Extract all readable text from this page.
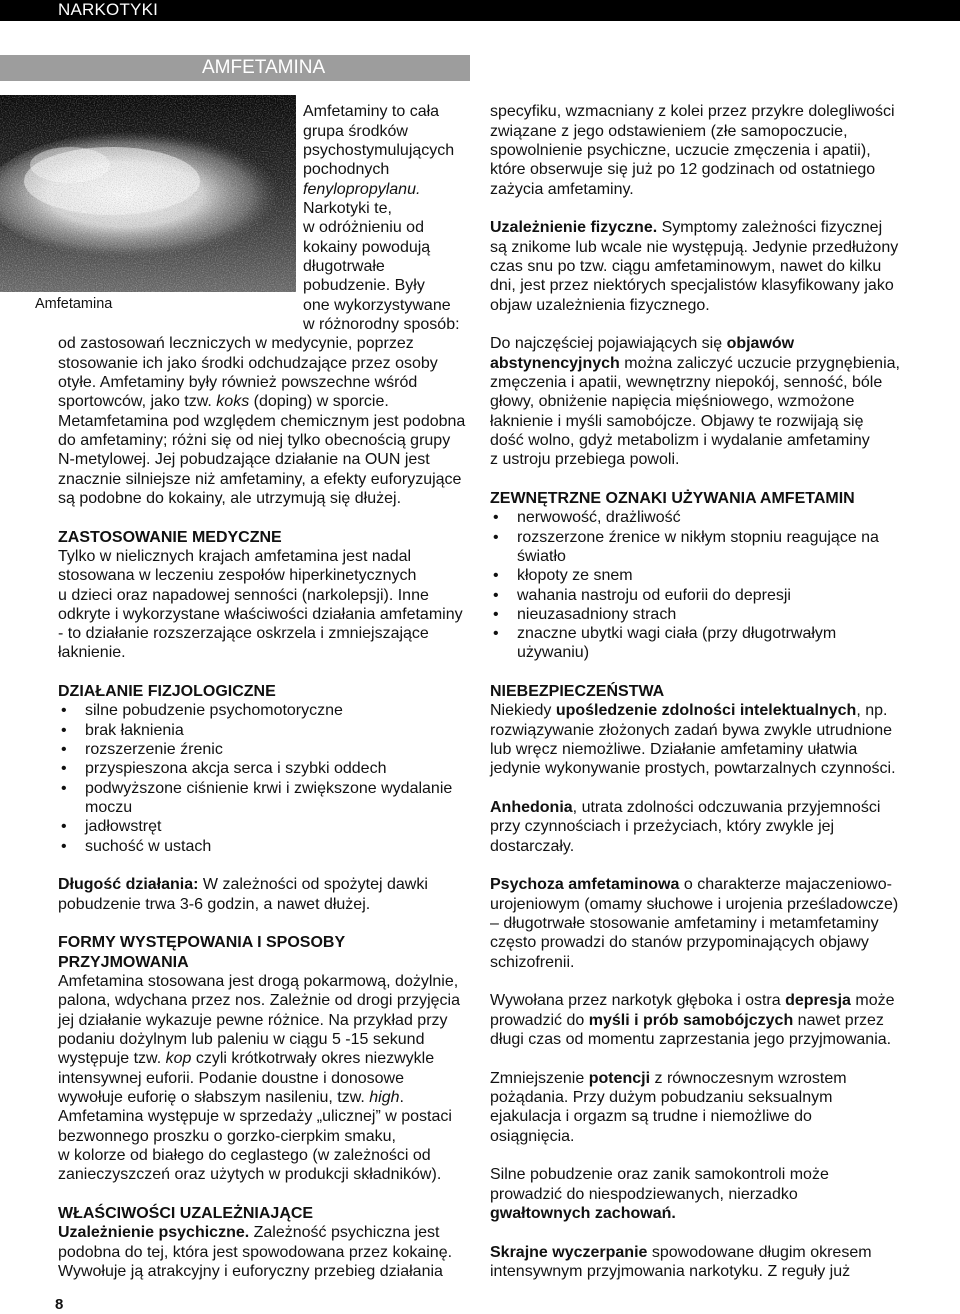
NARKOTYKI
AMFETAMINA
Amfetamina
Amfetaminy to cała
grupa środków
psychostymulujących
pochodnych
fenylopropylanu.
Narkotyki te,
w odróżnieniu od
kokainy powodują
długotrwałe
pobudzenie. Były
one wykorzystywane
w różnorodny sposób:
od zastosowań leczniczych w medycynie, poprzez
stosowanie ich jako środki odchudzające przez osoby
otyłe. Amfetaminy były również powszechne wśród
sportowców, jako tzw. koks (doping) w sporcie.
Metamfetamina pod względem chemicznym jest podobna
do amfetaminy; różni się od niej tylko obecnością grupy
N-metylowej. Jej pobudzające działanie na OUN jest
znacznie silniejsze niż amfetaminy, a efekty euforyzujące
są podobne do kokainy, ale utrzymują się dłużej.
ZASTOSOWANIE MEDYCZNE
Tylko w nielicznych krajach amfetamina jest nadal
stosowana w leczeniu zespołów hiperkinetycznych
u dzieci oraz napadowej senności (narkolepsji). Inne
odkryte i wykorzystane właściwości działania amfetaminy
- to działanie rozszerzające oskrzela i zmniejszające
łaknienie.
DZIAŁANIE FIZJOLOGICZNE
•
silne pobudzenie psychomotoryczne
•
brak łaknienia
•
rozszerzenie źrenic
•
przyspieszona akcja serca i szybki oddech
•
podwyższone ciśnienie krwi i zwiększone wydalanie
moczu
•
jadłowstręt
•
suchość w ustach
Długość działania: W zależności od spożytej dawki
pobudzenie trwa 3-6 godzin, a nawet dłużej.
FORMY WYSTĘPOWANIA I SPOSOBY
PRZYJMOWANIA
Amfetamina stosowana jest drogą pokarmową, dożylnie,
palona, wdychana przez nos. Zależnie od drogi przyjęcia
jej działanie wykazuje pewne różnice. Na przykład przy
podaniu dożylnym lub paleniu w ciągu 5 -15 sekund
występuje tzw. kop czyli krótkotrwały okres niezwykle
intensywnej euforii. Podanie doustne i donosowe
wywołuje euforię o słabszym nasileniu, tzw. high.
Amfetamina występuje w sprzedaży „ulicznej” w postaci
bezwonnego proszku o gorzko-cierpkim smaku,
w kolorze od białego do ceglastego (w zależności od
zanieczyszczeń oraz użytych w produkcji składników).
WŁAŚCIWOŚCI UZALEŻNIAJĄCE
Uzależnienie psychiczne. Zależność psychiczna jest
podobna do tej, która jest spowodowana przez kokainę.
Wywołuje ją atrakcyjny i euforyczny przebieg działania
specyfiku, wzmacniany z kolei przez przykre dolegliwości
związane z jego odstawieniem (złe samopoczucie,
spowolnienie psychiczne, uczucie zmęczenia i apatii),
które obserwuje się już po 12 godzinach od ostatniego
zażycia amfetaminy.
Uzależnienie fizyczne. Symptomy zależności fizycznej
są znikome lub wcale nie występują. Jedynie przedłużony
czas snu po tzw. ciągu amfetaminowym, nawet do kilku
dni, jest przez niektórych specjalistów klasyfikowany jako
objaw uzależnienia fizycznego.
Do najczęściej pojawiających się objawów
abstynencyjnych można zaliczyć uczucie przygnębienia,
zmęczenia i apatii, wewnętrzny niepokój, senność, bóle
głowy, obniżenie napięcia mięśniowego, wzmożone
łaknienie i myśli samobójcze. Objawy te rozwijają się
dość wolno, gdyż metabolizm i wydalanie amfetaminy
z ustroju przebiega powoli.
ZEWNĘTRZNE OZNAKI UŻYWANIA AMFETAMIN
•
nerwowość, drażliwość
•
rozszerzone źrenice w nikłym stopniu reagujące na
światło
•
kłopoty ze snem
•
wahania nastroju od euforii do depresji
•
nieuzasadniony strach
•
znaczne ubytki wagi ciała (przy długotrwałym
używaniu)
NIEBEZPIECZEŃSTWA
Niekiedy upośledzenie zdolności intelektualnych, np.
rozwiązywanie złożonych zadań bywa zwykle utrudnione
lub wręcz niemożliwe. Działanie amfetaminy ułatwia
jedynie wykonywanie prostych, powtarzalnych czynności.
Anhedonia, utrata zdolności odczuwania przyjemności
przy czynnościach i przeżyciach, który zwykle jej
dostarczały.
Psychoza amfetaminowa o charakterze majaczeniowo-
urojeniowym (omamy słuchowe i urojenia prześladowcze)
– długotrwałe stosowanie amfetaminy i metamfetaminy
często prowadzi do stanów przypominających objawy
schizofrenii.
Wywołana przez narkotyk głęboka i ostra depresja może
prowadzić do myśli i prób samobójczych nawet przez
długi czas od momentu zaprzestania jego przyjmowania.
Zmniejszenie potencji z równoczesnym wzrostem
pożądania. Przy dużym pobudzaniu seksualnym
ejakulacja i orgazm są trudne i niemożliwe do
osiągnięcia.
Silne pobudzenie oraz zanik samokontroli może
prowadzić do niespodziewanych, nierzadko
gwałtownych zachowań.
Skrajne wyczerpanie spowodowane długim okresem
intensywnym przyjmowania narkotyku. Z reguły już
8
